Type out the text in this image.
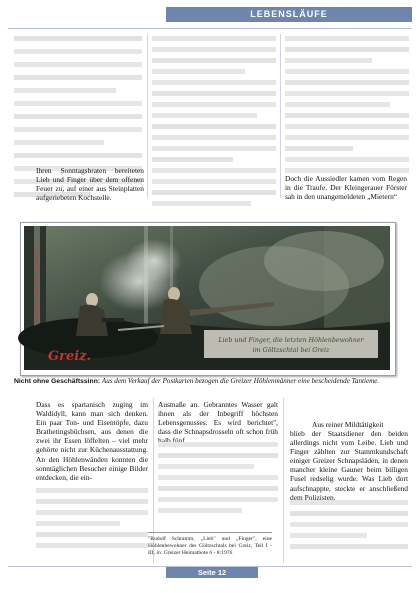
LEBENSLÄUFE
Ihren Sonntagsbraten bereiteten Lieb und Finger über dem offenen Feuer zu, auf einer aus Steinplatten aufgeriebeten Kochstelle.
Doch die Aussiedler kamen vom Regen in die Traufe. Der Kleingerauer Förster sah in den unangemeldeten „Mietern“
Lieb und Finger, die letzten Höhlenbewohner
im Göltzschtal bei Greiz
Greiz.
Verlag Richard Henn, Greiz 10
Nicht ohne Geschäftssinn: Aus dem Verkauf der Postkarten bezogen die Greizer Höhlenmänner eine bescheidende Tantieme.
Dass es spartanisch zuging im Waldidyll, kann man sich denken. Ein paar Ton- und Eisentöpfe, dazu Brathetingsbüchsen, aus denen die zwei ihr Essen löffelten – viel mehr gehörte nicht zur Küchenausstattung. An den Höhlenwänden konnten die sonntäglichen Besucher einige Bilder entdecken, die ein-
Ausmaße an. Gebranntes Wasser galt ihnen als der Inbegriff höchsten Lebensgenusses. Es wird berichtet", dass die Schnapsdrosseln oft schon früh halb fünf
Aus reiner Mildtätigkeit
blieb der Staatsdiener den beiden allerdings nicht vom Leibe. Lieb und Finger zählten zur Stammkundschaft einiger Greizer Schnapsläden, in denen mancher kleine Gauner beim billigen Fusel redselig wurde. Was Lieb dort aufschnappte, steckte er anschließend dem Polizisten.
"Rudolf Schramm, „Lieb" und „Finger", eine Höhlenbewohner des Göltzschtals bei Greiz, Teil I - III, in: Greizer Heimatbote 6 - 8/1976
Seite 12
